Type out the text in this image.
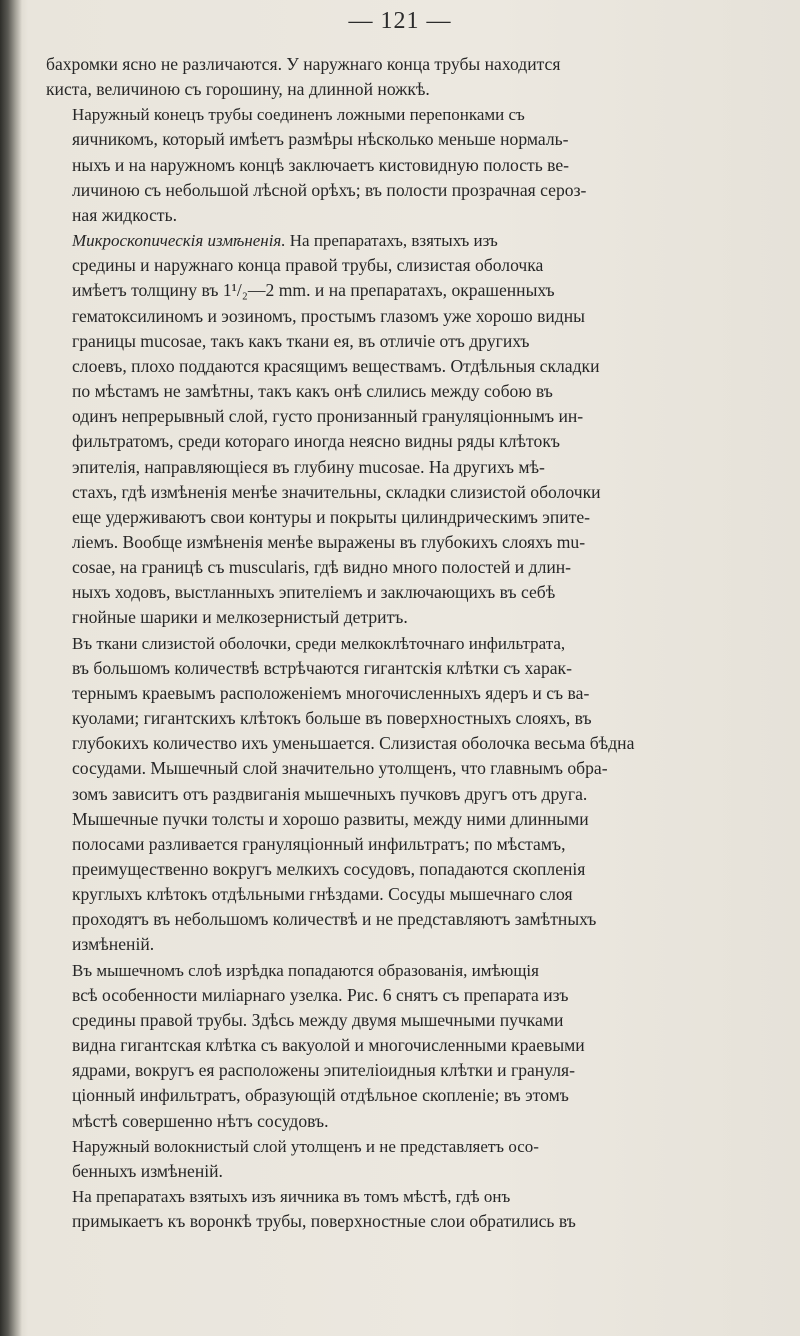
— 121 —

бахромки ясно не различаются. У наружнаго конца трубы находится
киста, величиною съ горошину, на длинной ножкѣ.

Наружный конецъ трубы соединенъ ложными перепонками съ
яичникомъ, который имѣетъ размѣры нѣсколько меньше нормаль-
ныхъ и на наружномъ концѣ заключаетъ кистовидную полость ве-
личиною съ небольшой лѣсной орѣхъ; въ полости прозрачная сероз-
ная жидкость.

Микроскопическія измѣненія. На препаратахъ, взятыхъ изъ
средины и наружнаго конца правой трубы, слизистая оболочка
имѣетъ толщину въ 1¹/₂—2 mm. и на препаратахъ, окрашенныхъ
гематоксилиномъ и эозиномъ, простымъ глазомъ уже хорошо видны
границы mucosae, такъ какъ ткани ея, въ отличіе отъ другихъ
слоевъ, плохо поддаются красящимъ веществамъ. Отдѣльныя складки
по мѣстамъ не замѣтны, такъ какъ онѣ слились между собою въ
одинъ непрерывный слой, густо пронизанный грануляціоннымъ ин-
фильтратомъ, среди котораго иногда неясно видны ряды клѣтокъ
эпителія, направляющіеся въ глубину mucosae. На другихъ мѣ-
стахъ, гдѣ измѣненія менѣе значительны, складки слизистой оболочки
еще удерживаютъ свои контуры и покрыты цилиндрическимъ эпите-
ліемъ. Вообще измѣненія менѣе выражены въ глубокихъ слояхъ mu-
cosae, на границѣ съ muscularis, гдѣ видно много полостей и длин-
ныхъ ходовъ, выстланныхъ эпителіемъ и заключающихъ въ себѣ
гнойные шарики и мелкозернистый детритъ.

Въ ткани слизистой оболочки, среди мелкоклѣточнаго инфильтрата,
въ большомъ количествѣ встрѣчаются гигантскія клѣтки съ харак-
тернымъ краевымъ расположеніемъ многочисленныхъ ядеръ и съ ва-
куолами; гигантскихъ клѣтокъ больше въ поверхностныхъ слояхъ, въ
глубокихъ количество ихъ уменьшается. Слизистая оболочка весьма бѣдна
сосудами. Мышечный слой значительно утолщенъ, что главнымъ обра-
зомъ зависитъ отъ раздвиганія мышечныхъ пучковъ другъ отъ друга.
Мышечные пучки толсты и хорошо развиты, между ними длинными
полосами разливается грануляціонный инфильтратъ; по мѣстамъ,
преимущественно вокругъ мелкихъ сосудовъ, попадаются скопленія
круглыхъ клѣтокъ отдѣльными гнѣздами. Сосуды мышечнаго слоя
проходятъ въ небольшомъ количествѣ и не представляютъ замѣтныхъ
измѣненій.

Въ мышечномъ слоѣ изрѣдка попадаются образованія, имѣющія
всѣ особенности миліарнаго узелка. Рис. 6 снятъ съ препарата изъ
средины правой трубы. Здѣсь между двумя мышечными пучками
видна гигантская клѣтка съ вакуолой и многочисленными краевыми
ядрами, вокругъ ея расположены эпителіоидныя клѣтки и грануля-
ціонный инфильтратъ, образующій отдѣльное скопленіе; въ этомъ
мѣстѣ совершенно нѣтъ сосудовъ.

Наружный волокнистый слой утолщенъ и не представляетъ осо-
бенныхъ измѣненій.

На препаратахъ взятыхъ изъ яичника въ томъ мѣстѣ, гдѣ онъ
примыкаетъ къ воронкѣ трубы, поверхностные слои обратились въ
